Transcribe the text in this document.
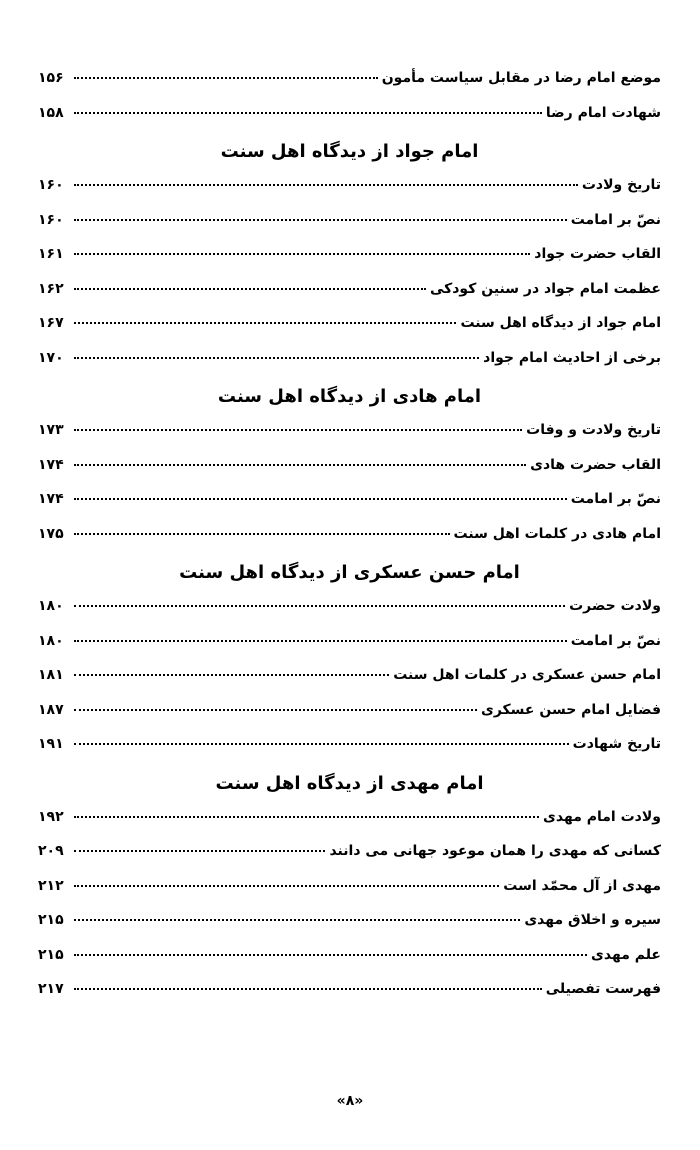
موضع امام رضا در مقابل سیاست مأمون
۱۵۶
شهادت امام رضا
۱۵۸
امام جواد از دیدگاه اهل سنت
تاریخ ولادت
۱۶۰
نصّ بر امامت
۱۶۰
القاب حضرت جواد
۱۶۱
عظمت امام جواد در سنین کودکی
۱۶۲
امام جواد از دیدگاه اهل سنت
۱۶۷
برخی از احادیث امام جواد
۱۷۰
امام هادی از دیدگاه اهل سنت
تاریخ ولادت و وفات
۱۷۳
القاب حضرت هادی
۱۷۴
نصّ بر امامت
۱۷۴
امام هادی در کلمات اهل سنت
۱۷۵
امام حسن عسکری از دیدگاه اهل سنت
ولادت حضرت
۱۸۰
نصّ بر امامت
۱۸۰
امام حسن عسکری در کلمات اهل سنت
۱۸۱
فضایل امام حسن عسکری
۱۸۷
تاریخ شهادت
۱۹۱
امام مهدی از دیدگاه اهل سنت
ولادت امام مهدی
۱۹۲
کسانی که مهدی را همان موعود جهانی می دانند
۲۰۹
مهدی از آل محمّد است
۲۱۲
سیره و اخلاق مهدی
۲۱۵
علم مهدی
۲۱۵
فهرست تفصیلی
۲۱۷
«۸»
